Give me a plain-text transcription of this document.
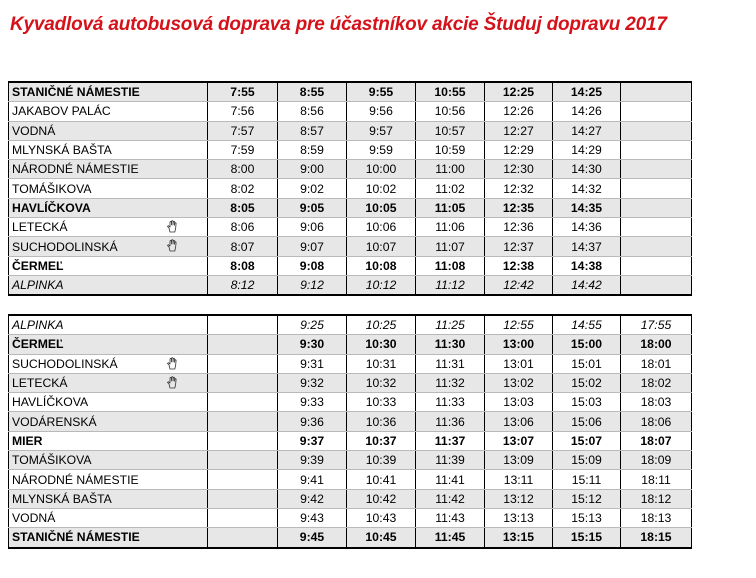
Kyvadlová autobusová doprava pre účastníkov akcie Študuj dopravu 2017
STANIČNÉ NÁMESTIE	7:55	8:55	9:55	10:55	12:25	14:25	
JAKABOV PALÁC	7:56	8:56	9:56	10:56	12:26	14:26	
VODNÁ	7:57	8:57	9:57	10:57	12:27	14:27	
MLYNSKÁ BAŠTA	7:59	8:59	9:59	10:59	12:29	14:29	
NÁRODNÉ NÁMESTIE	8:00	9:00	10:00	11:00	12:30	14:30	
TOMÁŠIKOVA	8:02	9:02	10:02	11:02	12:32	14:32	
HAVLÍČKOVA	8:05	9:05	10:05	11:05	12:35	14:35	
LETECKÁ	8:06	9:06	10:06	11:06	12:36	14:36	
SUCHODOLINSKÁ	8:07	9:07	10:07	11:07	12:37	14:37	
ČERMEĽ	8:08	9:08	10:08	11:08	12:38	14:38	
ALPINKA	8:12	9:12	10:12	11:12	12:42	14:42	
ALPINKA		9:25	10:25	11:25	12:55	14:55	17:55
ČERMEĽ		9:30	10:30	11:30	13:00	15:00	18:00
SUCHODOLINSKÁ		9:31	10:31	11:31	13:01	15:01	18:01
LETECKÁ		9:32	10:32	11:32	13:02	15:02	18:02
HAVLÍČKOVA		9:33	10:33	11:33	13:03	15:03	18:03
VODÁRENSKÁ		9:36	10:36	11:36	13:06	15:06	18:06
MIER		9:37	10:37	11:37	13:07	15:07	18:07
TOMÁŠIKOVA		9:39	10:39	11:39	13:09	15:09	18:09
NÁRODNÉ NÁMESTIE		9:41	10:41	11:41	13:11	15:11	18:11
MLYNSKÁ BAŠTA		9:42	10:42	11:42	13:12	15:12	18:12
VODNÁ		9:43	10:43	11:43	13:13	15:13	18:13
STANIČNÉ NÁMESTIE		9:45	10:45	11:45	13:15	15:15	18:15
